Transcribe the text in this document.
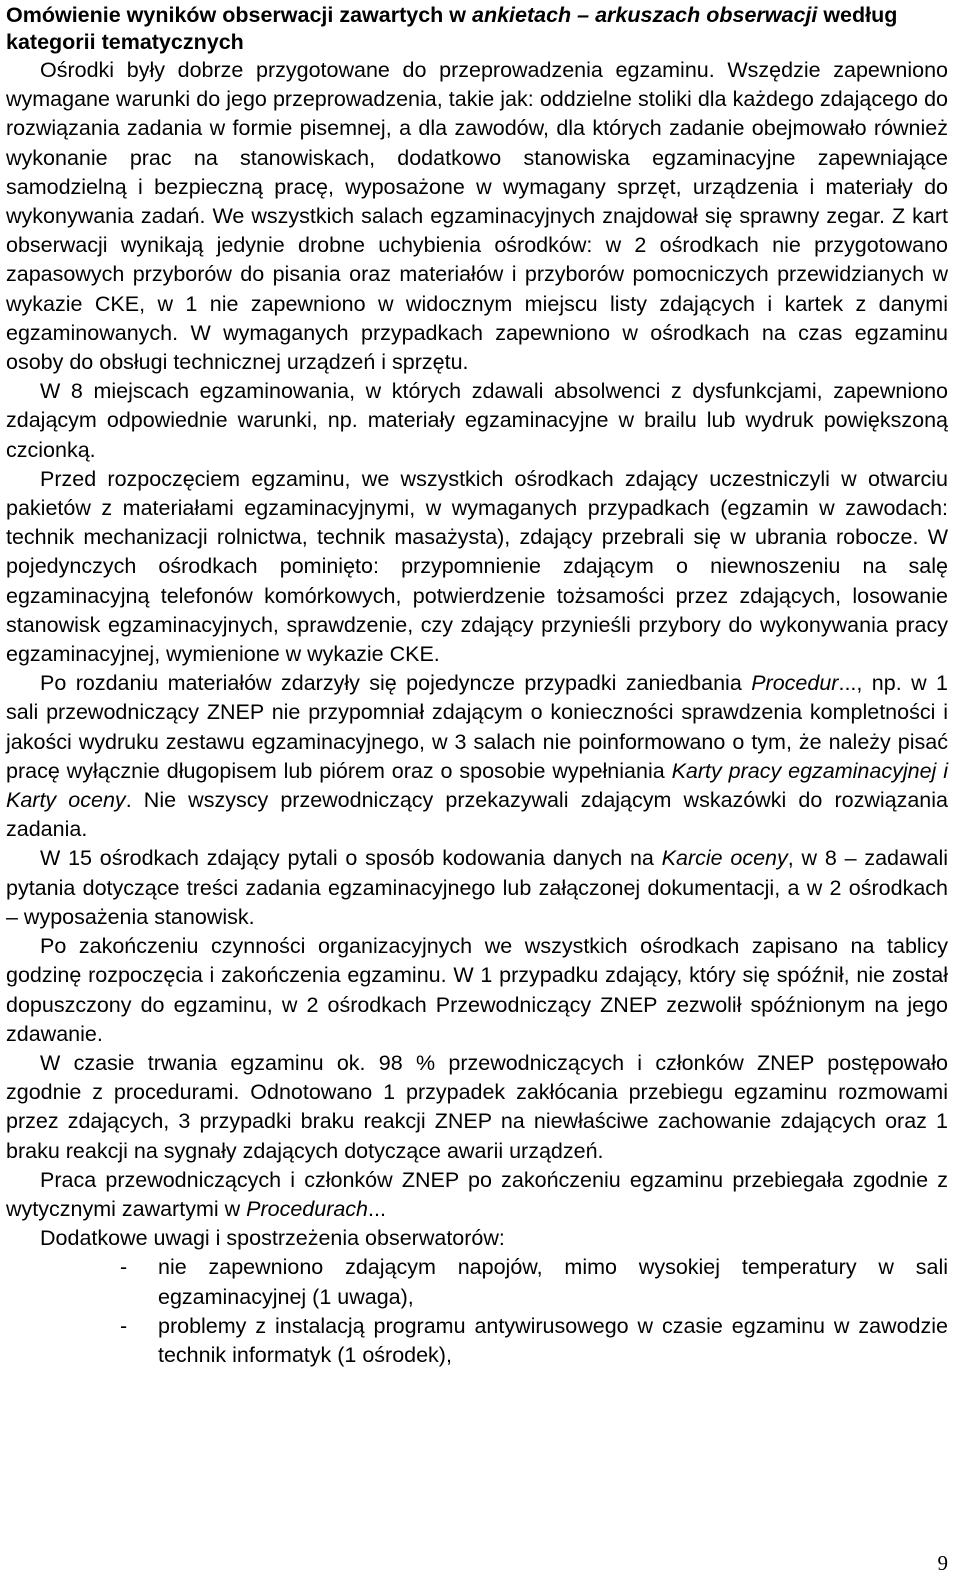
Omówienie wyników obserwacji zawartych w ankietach – arkuszach obserwacji według kategorii tematycznych

Ośrodki były dobrze przygotowane do przeprowadzenia egzaminu. Wszędzie zapewniono wymagane warunki do jego przeprowadzenia, takie jak: oddzielne stoliki dla każdego zdającego do rozwiązania zadania w formie pisemnej, a dla zawodów, dla których zadanie obejmowało również wykonanie prac na stanowiskach, dodatkowo stanowiska egzaminacyjne zapewniające samodzielną i bezpieczną pracę, wyposażone w wymagany sprzęt, urządzenia i materiały do wykonywania zadań. We wszystkich salach egzaminacyjnych znajdował się sprawny zegar. Z kart obserwacji wynikają jedynie drobne uchybienia ośrodków: w 2 ośrodkach nie przygotowano zapasowych przyborów do pisania oraz materiałów i przyborów pomocniczych przewidzianych w wykazie CKE, w 1 nie zapewniono w widocznym miejscu listy zdających i kartek z danymi egzaminowanych. W wymaganych przypadkach zapewniono w ośrodkach na czas egzaminu osoby do obsługi technicznej urządzeń i sprzętu.

W 8 miejscach egzaminowania, w których zdawali absolwenci z dysfunkcjami, zapewniono zdającym odpowiednie warunki, np. materiały egzaminacyjne w brailu lub wydruk powiększoną czcionką.

Przed rozpoczęciem egzaminu, we wszystkich ośrodkach zdający uczestniczyli w otwarciu pakietów z materiałami egzaminacyjnymi, w wymaganych przypadkach (egzamin w zawodach: technik mechanizacji rolnictwa, technik masażysta), zdający przebrali się w ubrania robocze. W pojedynczych ośrodkach pominięto: przypomnienie zdającym o niewnoszeniu na salę egzaminacyjną telefonów komórkowych, potwierdzenie tożsamości przez zdających, losowanie stanowisk egzaminacyjnych, sprawdzenie, czy zdający przynieśli przybory do wykonywania pracy egzaminacyjnej, wymienione w wykazie CKE.

Po rozdaniu materiałów zdarzyły się pojedyncze przypadki zaniedbania Procedur..., np. w 1 sali przewodniczący ZNEP nie przypomniał zdającym o konieczności sprawdzenia kompletności i jakości wydruku zestawu egzaminacyjnego, w 3 salach nie poinformowano o tym, że należy pisać pracę wyłącznie długopisem lub piórem oraz o sposobie wypełniania Karty pracy egzaminacyjnej i Karty oceny. Nie wszyscy przewodniczący przekazywali zdającym wskazówki do rozwiązania zadania.

W 15 ośrodkach zdający pytali o sposób kodowania danych na Karcie oceny, w 8 – zadawali pytania dotyczące treści zadania egzaminacyjnego lub załączonej dokumentacji, a w 2 ośrodkach – wyposażenia stanowisk.

Po zakończeniu czynności organizacyjnych we wszystkich ośrodkach zapisano na tablicy godzinę rozpoczęcia i zakończenia egzaminu. W 1 przypadku zdający, który się spóźnił, nie został dopuszczony do egzaminu, w 2 ośrodkach Przewodniczący ZNEP zezwolił spóźnionym na jego zdawanie.

W czasie trwania egzaminu ok. 98 % przewodniczących i członków ZNEP postępowało zgodnie z procedurami. Odnotowano 1 przypadek zakłócania przebiegu egzaminu rozmowami przez zdających, 3 przypadki braku reakcji ZNEP na niewłaściwe zachowanie zdających oraz 1 braku reakcji na sygnały zdających dotyczące awarii urządzeń.

Praca przewodniczących i członków ZNEP po zakończeniu egzaminu przebiegała zgodnie z wytycznymi zawartymi w Procedurach...

Dodatkowe uwagi i spostrzeżenia obserwatorów:

- nie zapewniono zdającym napojów, mimo wysokiej temperatury w sali egzaminacyjnej (1 uwaga),
- problemy z instalacją programu antywirusowego w czasie egzaminu w zawodzie technik informatyk (1 ośrodek),
9
